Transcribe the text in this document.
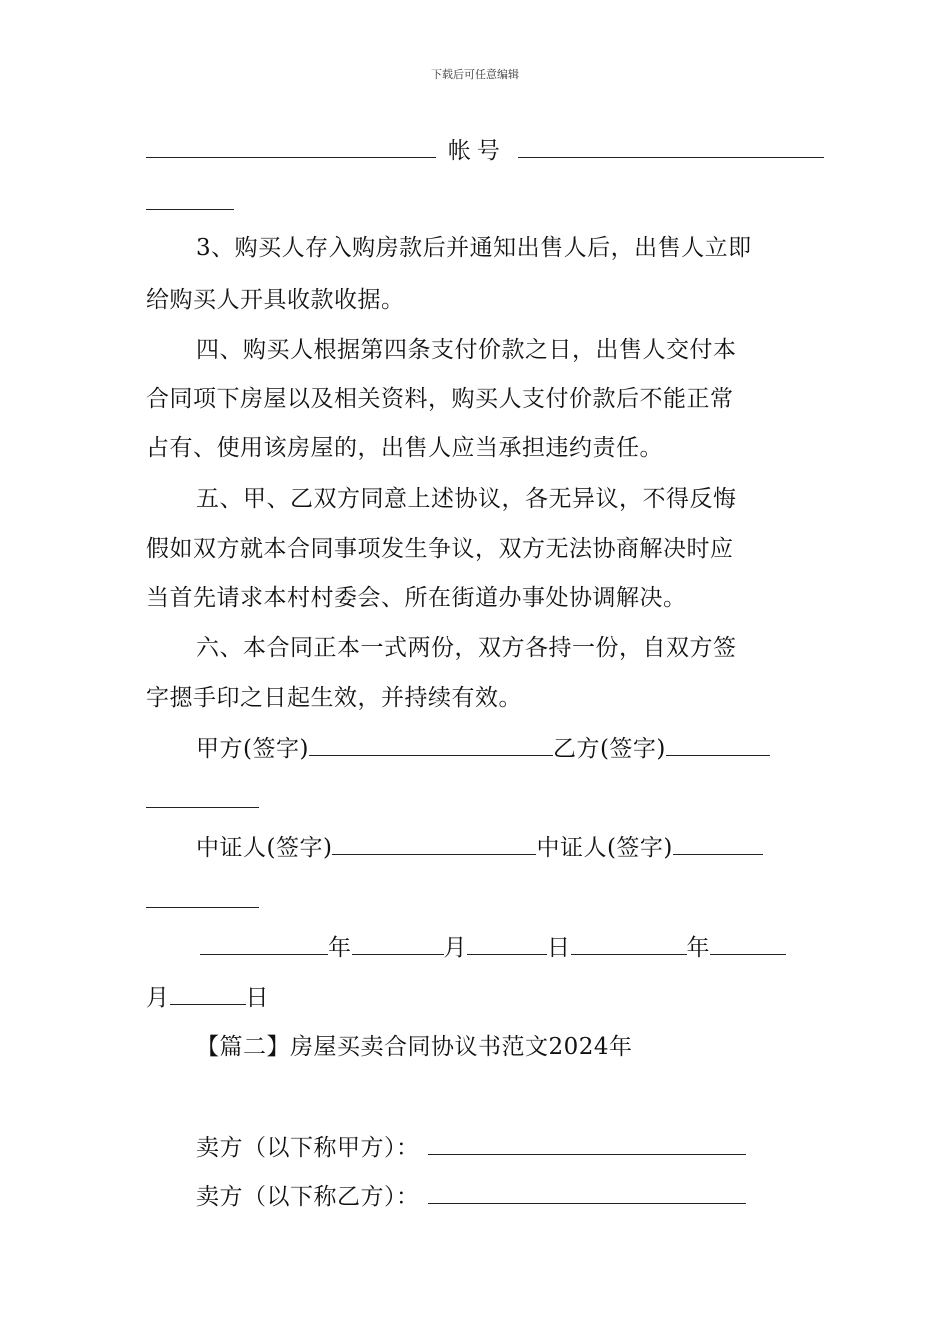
下载后可任意编辑
帐号
3、购买人存入购房款后并通知出售人后，出售人立即
给购买人开具收款收据。
四、购买人根据第四条支付价款之日，出售人交付本
合同项下房屋以及相关资料，购买人支付价款后不能正常
占有、使用该房屋的，出售人应当承担违约责任。
五、甲、乙双方同意上述协议，各无异议，不得反悔
假如双方就本合同事项发生争议，双方无法协商解决时应
当首先请求本村村委会、所在街道办事处协调解决。
六、本合同正本一式两份，双方各持一份，自双方签
字摁手印之日起生效，并持续有效。
甲方(签字)	乙方(签字)
中证人(签字)	中证人(签字)
年	月	日	年
月	日
【篇二】房屋买卖合同协议书范文2024年
卖方（以下称甲方）：
卖方（以下称乙方）：
